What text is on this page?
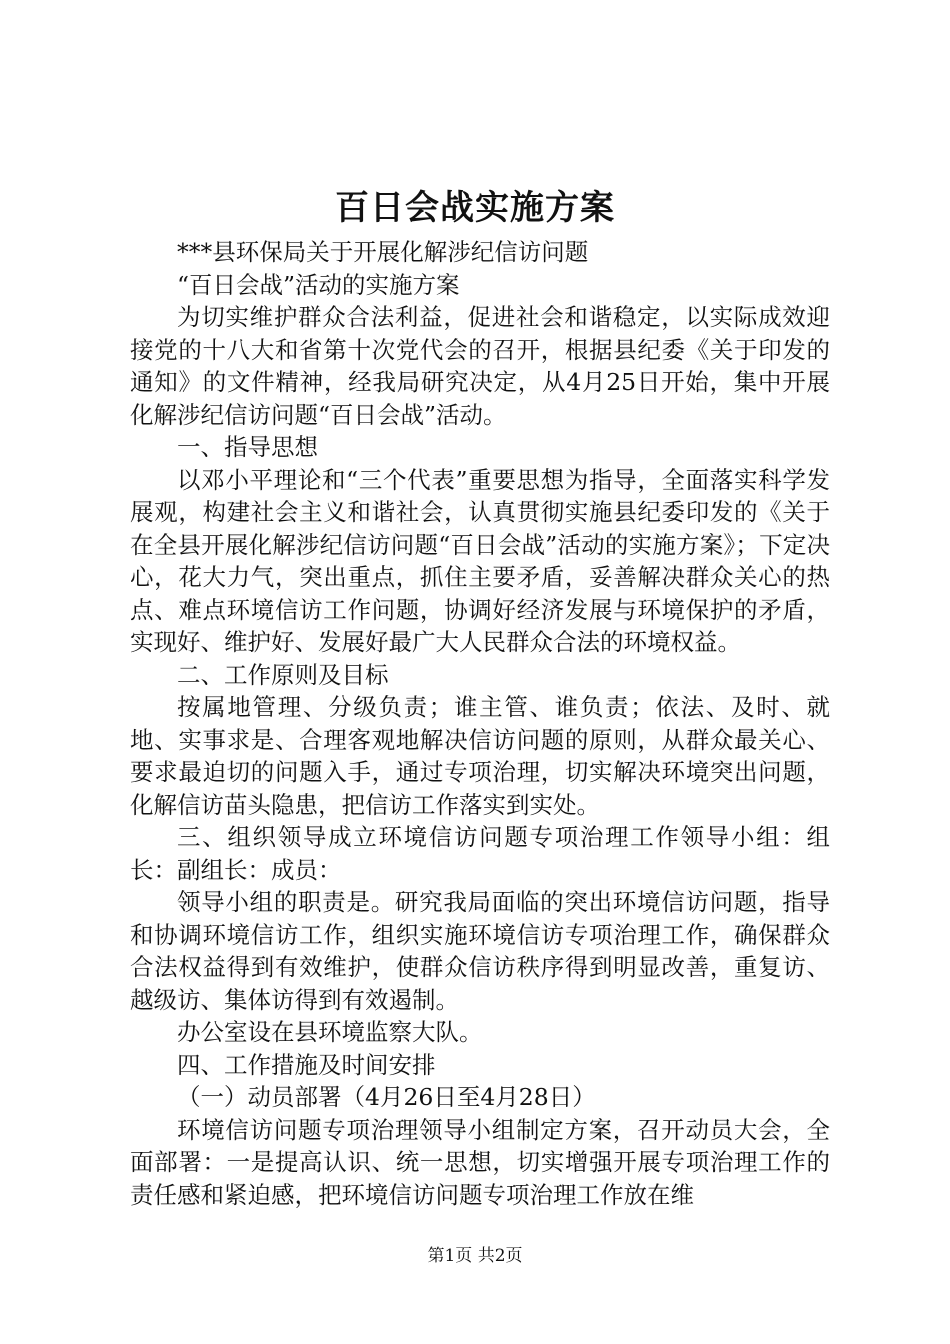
百日会战实施方案

***县环保局关于开展化解涉纪信访问题

“百日会战”活动的实施方案

为切实维护群众合法利益，促进社会和谐稳定，以实际成效迎接党的十八大和省第十次党代会的召开，根据县纪委《关于印发的通知》的文件精神，经我局研究决定，从4月25日开始，集中开展化解涉纪信访问题“百日会战”活动。

一、指导思想

以邓小平理论和“三个代表”重要思想为指导，全面落实科学发展观，构建社会主义和谐社会，认真贯彻实施县纪委印发的《关于在全县开展化解涉纪信访问题“百日会战”活动的实施方案》；下定决心，花大力气，突出重点，抓住主要矛盾，妥善解决群众关心的热点、难点环境信访工作问题，协调好经济发展与环境保护的矛盾，实现好、维护好、发展好最广大人民群众合法的环境权益。

二、工作原则及目标

按属地管理、分级负责；谁主管、谁负责；依法、及时、就地、实事求是、合理客观地解决信访问题的原则，从群众最关心、要求最迫切的问题入手，通过专项治理，切实解决环境突出问题，化解信访苗头隐患，把信访工作落实到实处。

三、组织领导成立环境信访问题专项治理工作领导小组：组长：副组长：成员：

领导小组的职责是。研究我局面临的突出环境信访问题，指导和协调环境信访工作，组织实施环境信访专项治理工作，确保群众合法权益得到有效维护，使群众信访秩序得到明显改善，重复访、越级访、集体访得到有效遏制。

办公室设在县环境监察大队。

四、工作措施及时间安排

（一）动员部署（4月26日至4月28日）

环境信访问题专项治理领导小组制定方案，召开动员大会，全面部署：一是提高认识、统一思想，切实增强开展专项治理工作的责任感和紧迫感，把环境信访问题专项治理工作放在维

第1页 共2页
